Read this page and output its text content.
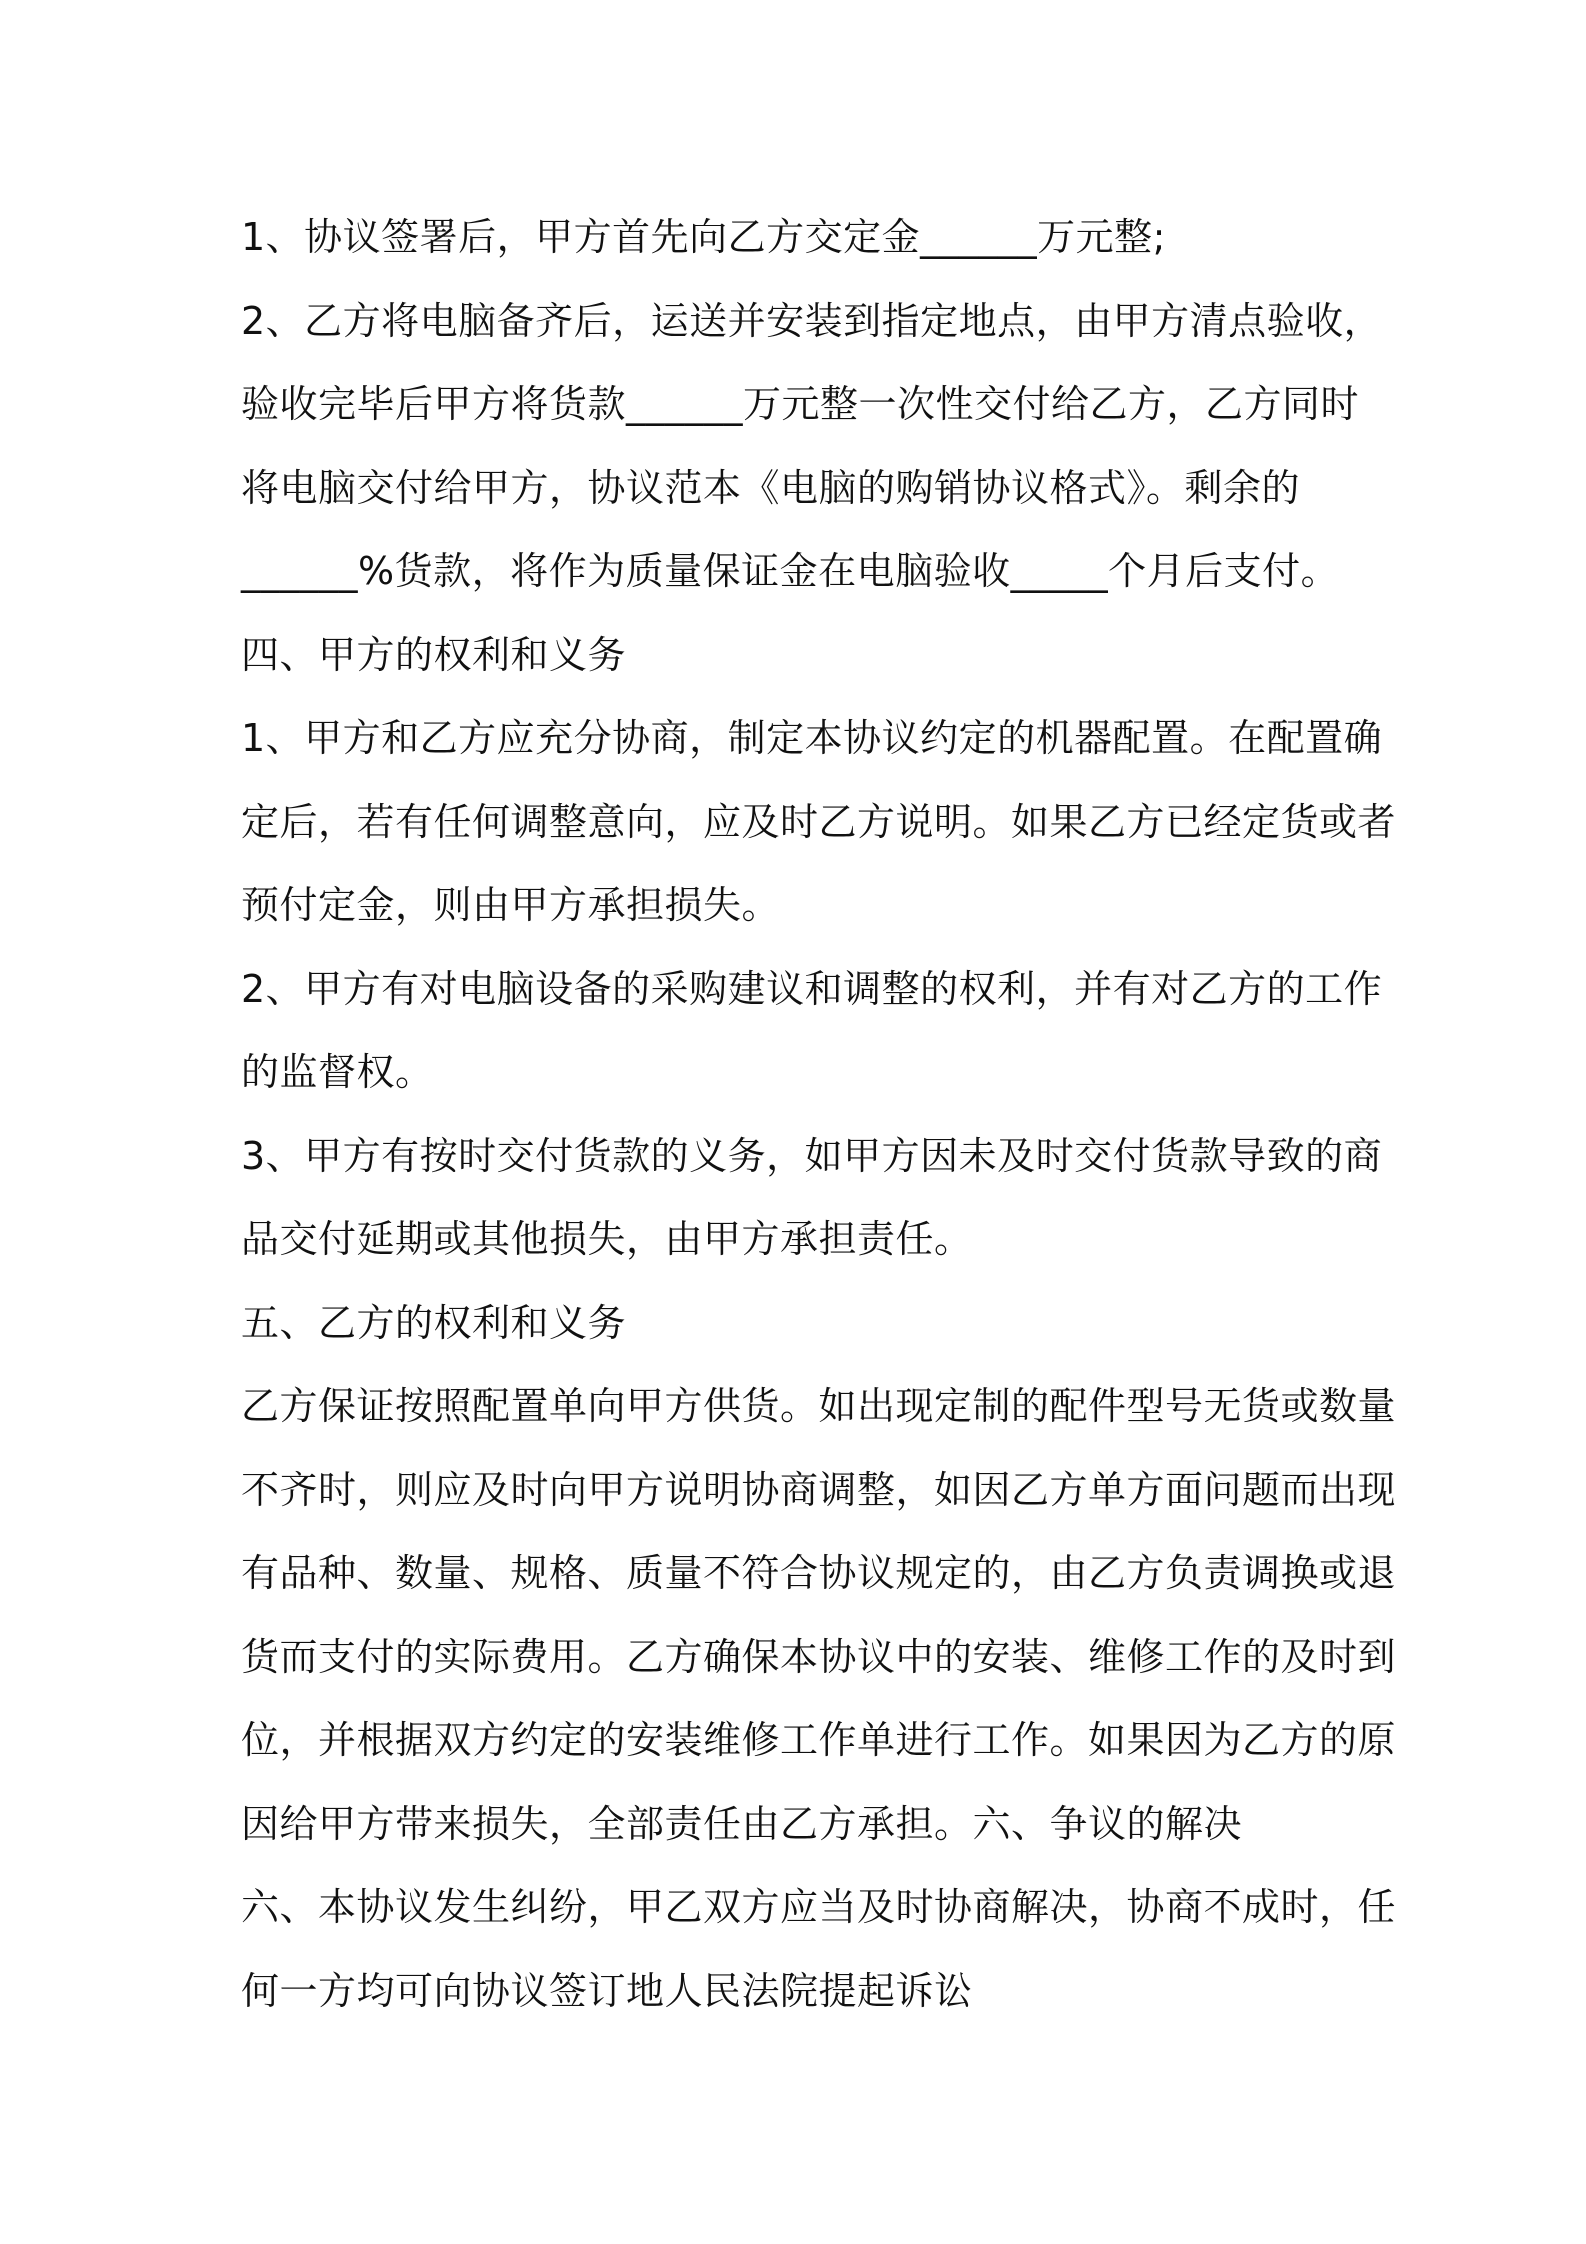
1、协议签署后，甲方首先向乙方交定金______万元整;
2、乙方将电脑备齐后，运送并安装到指定地点，由甲方清点验收，
验收完毕后甲方将货款______万元整一次性交付给乙方，乙方同时
将电脑交付给甲方，协议范本《电脑的购销协议格式》。剩余的
______%货款，将作为质量保证金在电脑验收_____个月后支付。
四、甲方的权利和义务
1、甲方和乙方应充分协商，制定本协议约定的机器配置。在配置确
定后，若有任何调整意向，应及时乙方说明。如果乙方已经定货或者
预付定金，则由甲方承担损失。
2、甲方有对电脑设备的采购建议和调整的权利，并有对乙方的工作
的监督权。
3、甲方有按时交付货款的义务，如甲方因未及时交付货款导致的商
品交付延期或其他损失，由甲方承担责任。
五、乙方的权利和义务
乙方保证按照配置单向甲方供货。如出现定制的配件型号无货或数量
不齐时，则应及时向甲方说明协商调整，如因乙方单方面问题而出现
有品种、数量、规格、质量不符合协议规定的，由乙方负责调换或退
货而支付的实际费用。乙方确保本协议中的安装、维修工作的及时到
位，并根据双方约定的安装维修工作单进行工作。如果因为乙方的原
因给甲方带来损失，全部责任由乙方承担。六、争议的解决
六、本协议发生纠纷，甲乙双方应当及时协商解决，协商不成时，任
何一方均可向协议签订地人民法院提起诉讼
